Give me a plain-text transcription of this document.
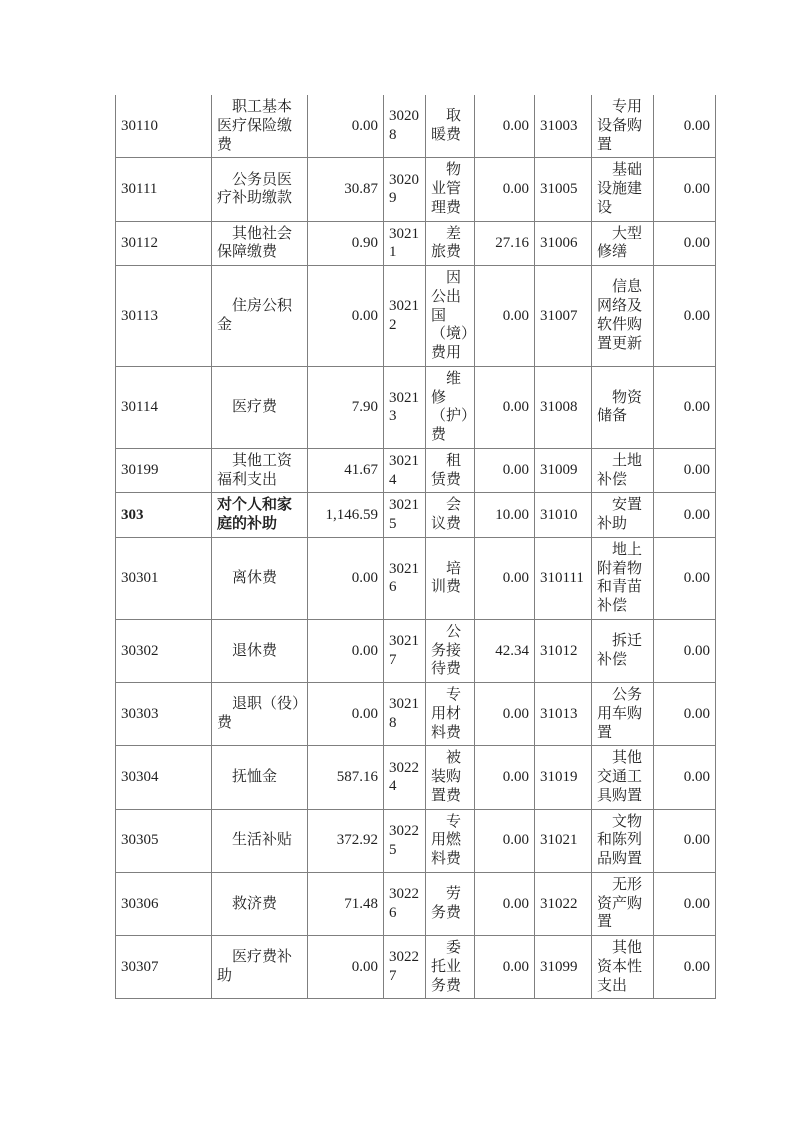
30110	职工基本医疗保险缴费	0.00	30208	取暖费	0.00	31003	专用设备购置	0.00
30111	公务员医疗补助缴款	30.87	30209	物业管理费	0.00	31005	基础设施建设	0.00
30112	其他社会保障缴费	0.90	30211	差旅费	27.16	31006	大型修缮	0.00
30113	住房公积金	0.00	30212	因公出国（境）费用	0.00	31007	信息网络及软件购置更新	0.00
30114	医疗费	7.90	30213	维修（护）费	0.00	31008	物资储备	0.00
30199	其他工资福利支出	41.67	30214	租赁费	0.00	31009	土地补偿	0.00
303	对个人和家庭的补助	1,146.59	30215	会议费	10.00	31010	安置补助	0.00
30301	离休费	0.00	30216	培训费	0.00	310111	地上附着物和青苗补偿	0.00
30302	退休费	0.00	30217	公务接待费	42.34	31012	拆迁补偿	0.00
30303	退职（役）费	0.00	30218	专用材料费	0.00	31013	公务用车购置	0.00
30304	抚恤金	587.16	30224	被装购置费	0.00	31019	其他交通工具购置	0.00
30305	生活补贴	372.92	30225	专用燃料费	0.00	31021	文物和陈列品购置	0.00
30306	救济费	71.48	30226	劳务费	0.00	31022	无形资产购置	0.00
30307	医疗费补助	0.00	30227	委托业务费	0.00	31099	其他资本性支出	0.00
